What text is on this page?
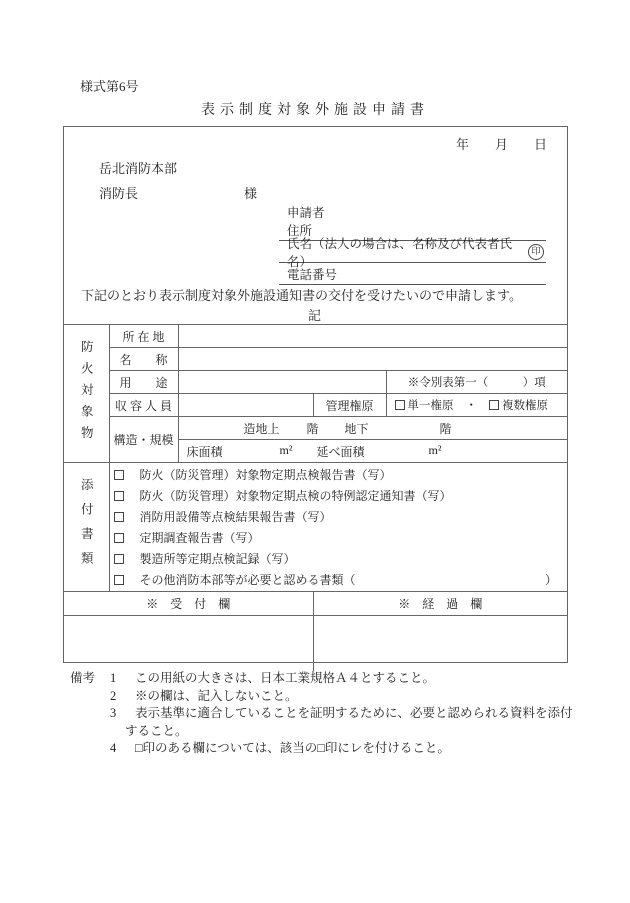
様式第6号
表示制度対象外施設申請書
年　　月　　日
岳北消防本部
消防長	様
申請者
住所
氏名（法人の場合は、名称及び代表者氏名）
印
電話番号
下記のとおり表示制度対象外施設通知書の交付を受けたいので申請します。
記
防火対象物	所 在 地			
	名　　称			
	用　　途			※令別表第一（　　　）項
	収 容 人 員		管理権原	単一権原 ・ 複数権原

	構造・規模	造地上 階 地下 階		

		床面積 m² 延べ面積 m²		

添付書類	
防火（防災管理）対象物定期点検報告書（写）
防火（防災管理）対象物定期点検の特例認定通知書（写）
消防用設備等点検結果報告書（写）
定期調査報告書（写）
製造所等定期点検記録（写）
その他消防本部等が必要と認める書類（	）

※　受　付　欄			※　経　過　欄	

備考	1	この用紙の大きさは、日本工業規格Ａ４とすること。
2	※の欄は、記入しないこと。
3	表示基準に適合していることを証明するために、必要と認められる資料を添付
すること。
4	□印のある欄については、該当の□印にレを付けること。
